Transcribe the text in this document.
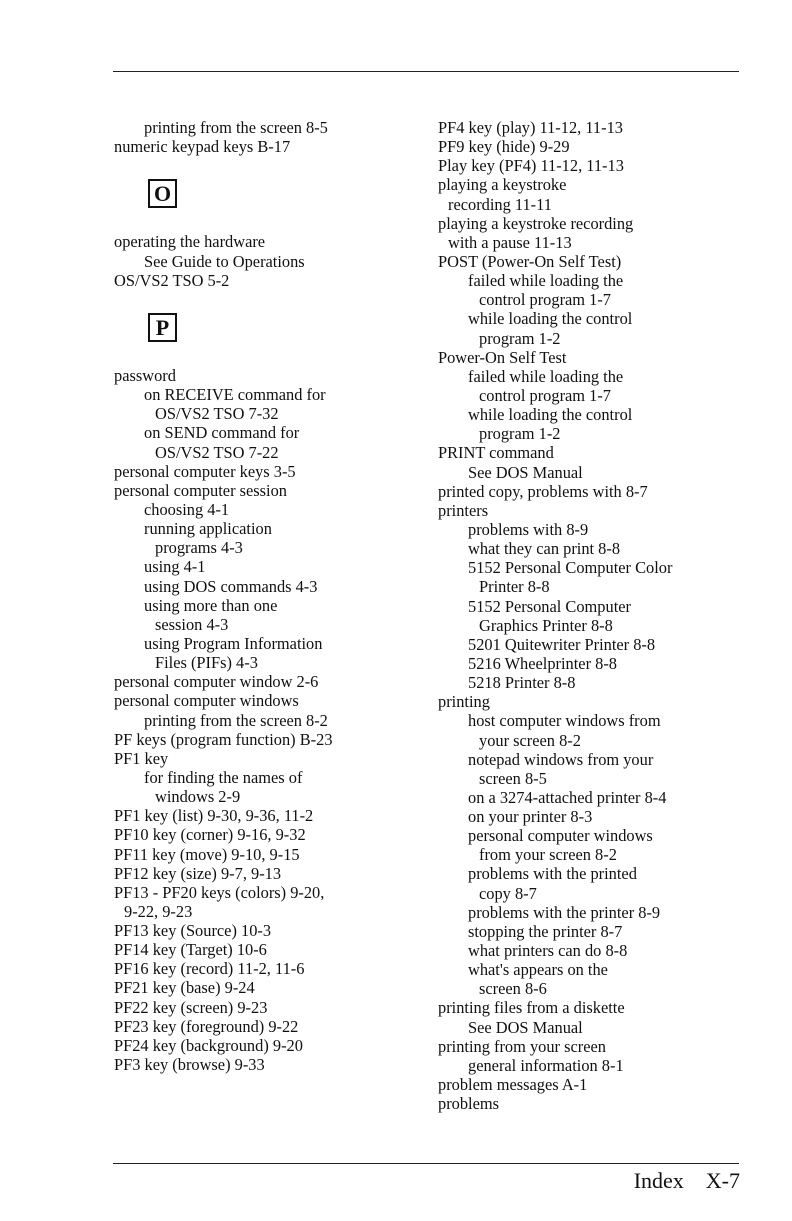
printing from the screen 8-5
numeric keypad keys B-17
O
operating the hardware
See Guide to Operations
OS/VS2 TSO 5-2
P
password
on RECEIVE command for
OS/VS2 TSO 7-32
on SEND command for
OS/VS2 TSO 7-22
personal computer keys 3-5
personal computer session
choosing 4-1
running application
programs 4-3
using 4-1
using DOS commands 4-3
using more than one
session 4-3
using Program Information
Files (PIFs) 4-3
personal computer window 2-6
personal computer windows
printing from the screen 8-2
PF keys (program function) B-23
PF1 key
for finding the names of
windows 2-9
PF1 key (list) 9-30, 9-36, 11-2
PF10 key (corner) 9-16, 9-32
PF11 key (move) 9-10, 9-15
PF12 key (size) 9-7, 9-13
PF13 - PF20 keys (colors) 9-20,
9-22, 9-23
PF13 key (Source) 10-3
PF14 key (Target) 10-6
PF16 key (record) 11-2, 11-6
PF21 key (base) 9-24
PF22 key (screen) 9-23
PF23 key (foreground) 9-22
PF24 key (background) 9-20
PF3 key (browse) 9-33
PF4 key (play) 11-12, 11-13
PF9 key (hide) 9-29
Play key (PF4) 11-12, 11-13
playing a keystroke
recording 11-11
playing a keystroke recording
with a pause 11-13
POST (Power-On Self Test)
failed while loading the
control program 1-7
while loading the control
program 1-2
Power-On Self Test
failed while loading the
control program 1-7
while loading the control
program 1-2
PRINT command
See DOS Manual
printed copy, problems with 8-7
printers
problems with 8-9
what they can print 8-8
5152 Personal Computer Color
Printer 8-8
5152 Personal Computer
Graphics Printer 8-8
5201 Quitewriter Printer 8-8
5216 Wheelprinter 8-8
5218 Printer 8-8
printing
host computer windows from
your screen 8-2
notepad windows from your
screen 8-5
on a 3274-attached printer 8-4
on your printer 8-3
personal computer windows
from your screen 8-2
problems with the printed
copy 8-7
problems with the printer 8-9
stopping the printer 8-7
what printers can do 8-8
what's appears on the
screen 8-6
printing files from a diskette
See DOS Manual
printing from your screen
general information 8-1
problem messages A-1
problems
Index X-7
